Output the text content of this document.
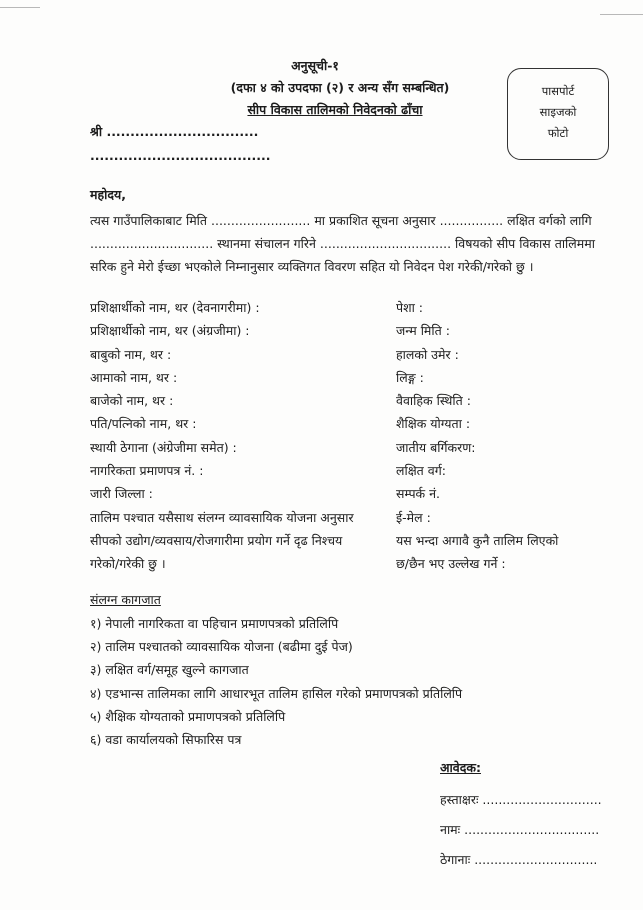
अनुसूची-१
(दफा ४ को उपदफा (२) र अन्य सँग सम्बन्धित)
सीप विकास तालिमको निवेदनको ढाँचा
पासपोर्ट
साइजको
फोटो
श्री ................................
......................................
महोदय,
त्यस गाउँपालिकाबाट मिति ......................... मा प्रकाशित सूचना अनुसार ................ लक्षित वर्गको लागि
............................... स्थानमा संचालन गरिने ................................. विषयको सीप विकास तालिममा
सरिक हुने मेरो ईच्छा भएकोले निम्नानुसार व्यक्तिगत विवरण सहित यो निवेदन पेश गरेकी/गरेको छु ।
प्रशिक्षार्थीको नाम, थर (देवनागरीमा) :
प्रशिक्षार्थीको नाम, थर (अंग्रजीमा) :
बाबुको नाम, थर :
आमाको नाम, थर :
बाजेको नाम, थर :
पति/पत्निको नाम, थर :
स्थायी ठेगाना (अंग्रेजीमा समेत) :
नागरिकता प्रमाणपत्र नं. :
जारी जिल्ला :
तालिम पश्चात यसैसाथ संलग्न व्यावसायिक योजना अनुसार
सीपको उद्योग/व्यवसाय/रोजगारीमा प्रयोग गर्ने दृढ निश्चय
गरेको/गरेकी छु ।
पेशा :
जन्म मिति :
हालको उमेर :
लिङ्ग :
वैवाहिक स्थिति :
शैक्षिक योग्यता :
जातीय बर्गिकरण:
लक्षित वर्ग:
सम्पर्क नं.
ई-मेल :
यस भन्दा अगावै कुनै तालिम लिएको
छ/छैन भए उल्लेख गर्ने :
संलग्न कागजात
१) नेपाली नागरिकता वा पहिचान प्रमाणपत्रको प्रतिलिपि
२) तालिम पश्चातको व्यावसायिक योजना (बढीमा दुई पेज)
३) लक्षित वर्ग/समूह खुल्ने कागजात
४) एडभान्स तालिमका लागि आधारभूत तालिम हासिल गरेको प्रमाणपत्रको प्रतिलिपि
५) शैक्षिक योग्यताको प्रमाणपत्रको प्रतिलिपि
६) वडा कार्यालयको सिफारिस पत्र
आवेदक:
हस्ताक्षरः ..............................
नामः ..................................
ठेगानाः ...............................
